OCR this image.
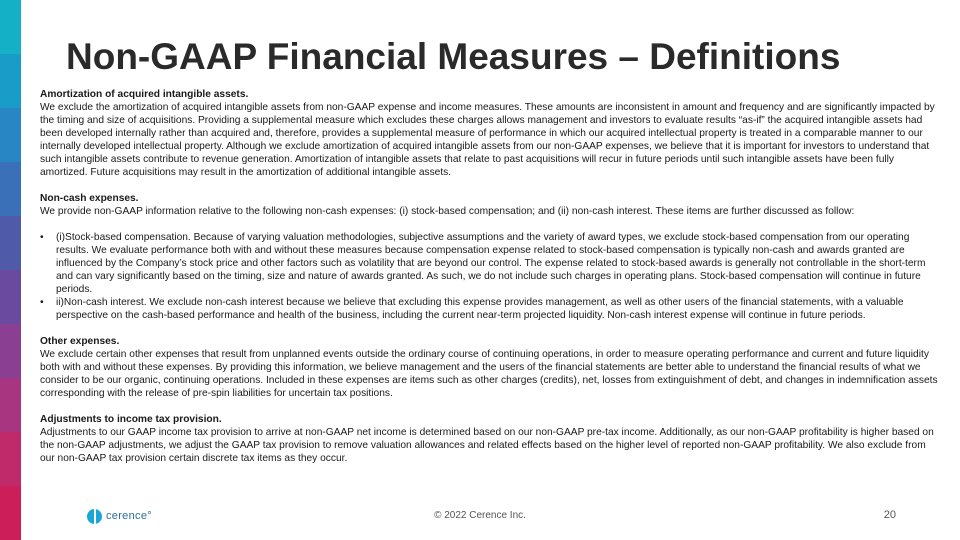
Non-GAAP Financial Measures – Definitions

Amortization of acquired intangible assets.

We exclude the amortization of acquired intangible assets from non-GAAP expense and income measures. These amounts are inconsistent in amount and frequency and are significantly impacted by the timing and size of acquisitions. Providing a supplemental measure which excludes these charges allows management and investors to evaluate results “as-if” the acquired intangible assets had been developed internally rather than acquired and, therefore, provides a supplemental measure of performance in which our acquired intellectual property is treated in a comparable manner to our internally developed intellectual property. Although we exclude amortization of acquired intangible assets from our non-GAAP expenses, we believe that it is important for investors to understand that such intangible assets contribute to revenue generation. Amortization of intangible assets that relate to past acquisitions will recur in future periods until such intangible assets have been fully amortized. Future acquisitions may result in the amortization of additional intangible assets.

Non-cash expenses.

We provide non-GAAP information relative to the following non-cash expenses: (i) stock-based compensation; and (ii) non-cash interest. These items are further discussed as follow:

• (i)Stock-based compensation. Because of varying valuation methodologies, subjective assumptions and the variety of award types, we exclude stock-based compensation from our operating results. We evaluate performance both with and without these measures because compensation expense related to stock-based compensation is typically non-cash and awards granted are influenced by the Company’s stock price and other factors such as volatility that are beyond our control. The expense related to stock-based awards is generally not controllable in the short-term and can vary significantly based on the timing, size and nature of awards granted. As such, we do not include such charges in operating plans. Stock-based compensation will continue in future periods.
• ii)Non-cash interest. We exclude non-cash interest because we believe that excluding this expense provides management, as well as other users of the financial statements, with a valuable perspective on the cash-based performance and health of the business, including the current near-term projected liquidity. Non-cash interest expense will continue in future periods.

Other expenses.

We exclude certain other expenses that result from unplanned events outside the ordinary course of continuing operations, in order to measure operating performance and current and future liquidity both with and without these expenses. By providing this information, we believe management and the users of the financial statements are better able to understand the financial results of what we consider to be our organic, continuing operations. Included in these expenses are items such as other charges (credits), net, losses from extinguishment of debt, and changes in indemnification assets corresponding with the release of pre-spin liabilities for uncertain tax positions.

Adjustments to income tax provision.

Adjustments to our GAAP income tax provision to arrive at non-GAAP net income is determined based on our non-GAAP pre-tax income. Additionally, as our non-GAAP profitability is higher based on the non-GAAP adjustments, we adjust the GAAP tax provision to remove valuation allowances and related effects based on the higher level of reported non-GAAP profitability. We also exclude from our non-GAAP tax provision certain discrete tax items as they occur.

cerence°	© 2022 Cerence Inc.	20
